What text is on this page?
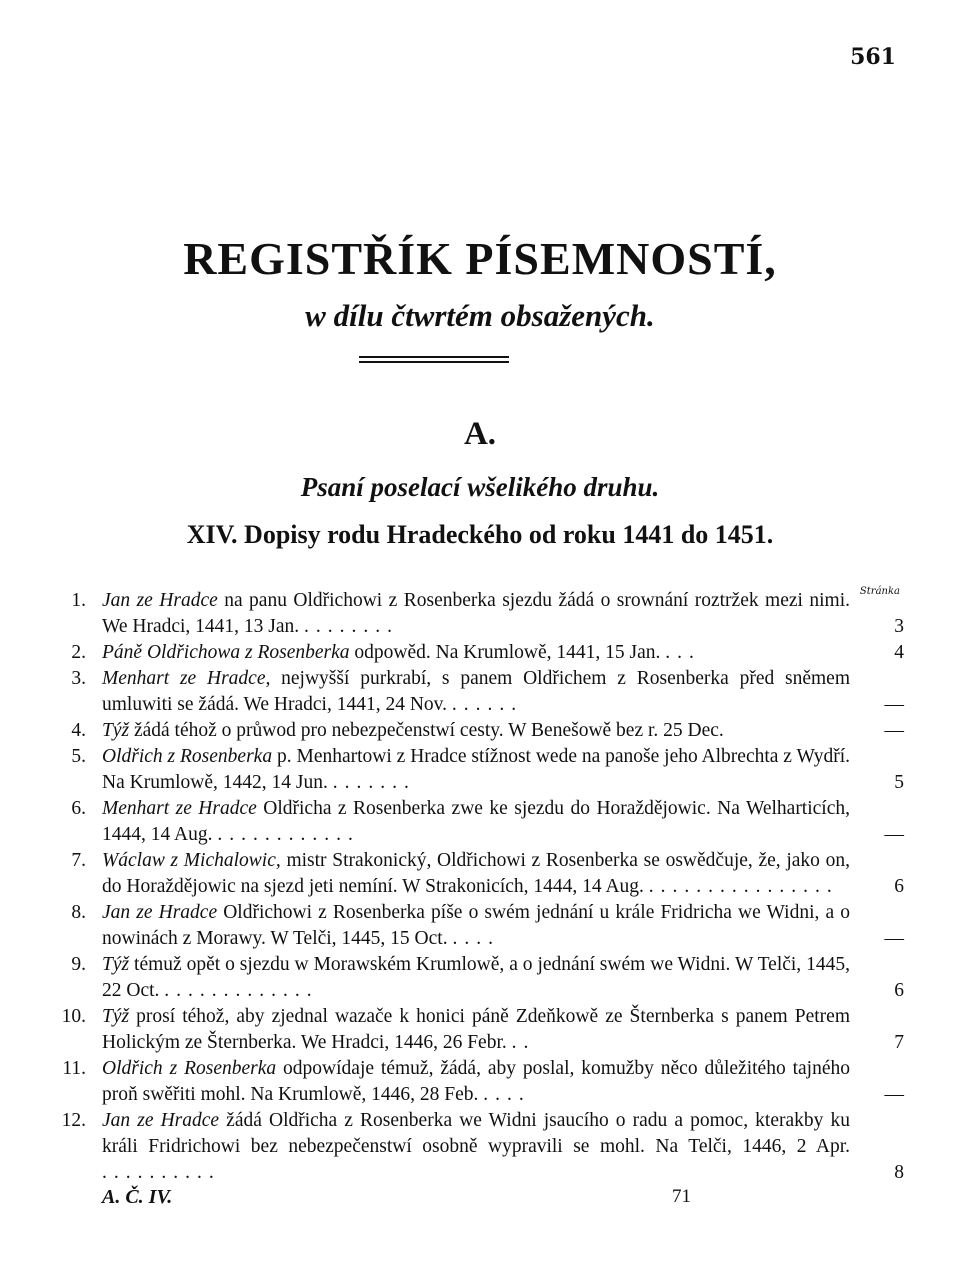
561
REGISTŘÍK PÍSEMNOSTÍ,
w dílu čtwrtém obsažených.
A.
Psaní poselací wšelikého druhu.
XIV. Dopisy rodu Hradeckého od roku 1441 do 1451.
Stránka
1. Jan ze Hradce na panu Oldřichowi z Rosenberka sjezdu žádá o srownání roztržek mezi nimi. We Hradci, 1441, 13 Jan. ........	3
2. Páně Oldřichowa z Rosenberka odpowěd. Na Krumlowě, 1441, 15 Jan. ...	4
3. Menhart ze Hradce, nejwyšší purkrabí, s panem Oldřichem z Rosenberka před sněmem umluwiti se žádá. We Hradci, 1441, 24 Nov. ......	—
4. Týž žádá téhož o průwod pro nebezpečenstwí cesty. W Benešowě bez r. 25 Dec.	—
5. Oldřich z Rosenberka p. Menhartowi z Hradce stížnost wede na panoše jeho Albrechta z Wydří. Na Krumlowě, 1442, 14 Jun. .......	5
6. Menhart ze Hradce Oldřicha z Rosenberka zwe ke sjezdu do Horaždějowic. Na Welharticích, 1444, 14 Aug. ............	—
7. Wáclaw z Michalowic, mistr Strakonický, Oldřichowi z Rosenberka se oswědčuje, že, jako on, do Horaždějowic na sjezd jeti nemíní. W Strakonicích, 1444, 14 Aug. ................	6
8. Jan ze Hradce Oldřichowi z Rosenberka píše o swém jednání u krále Fridricha we Widni, a o nowinách z Morawy. W Telči, 1445, 15 Oct. ....	—
9. Týž témuž opět o sjezdu w Morawském Krumlowě, a o jednání swém we Widni. W Telči, 1445, 22 Oct. .............	6
10. Týž prosí téhož, aby zjednal wazače k honici páně Zdeňkowě ze Šternberka s panem Petrem Holickým ze Šternberka. We Hradci, 1446, 26 Febr. ..	7
11. Oldřich z Rosenberka odpowídaje témuž, žádá, aby poslal, komužby něco důležitého tajného proň swěřiti mohl. Na Krumlowě, 1446, 28 Feb. ....	—
12. Jan ze Hradce žádá Oldřicha z Rosenberka we Widni jsaucího o radu a pomoc, kterakby ku králi Fridrichowi bez nebezpečenstwí osobně wypravili se mohl. Na Telči, 1446, 2 Apr. ..........	8
A. Č. IV.	71
